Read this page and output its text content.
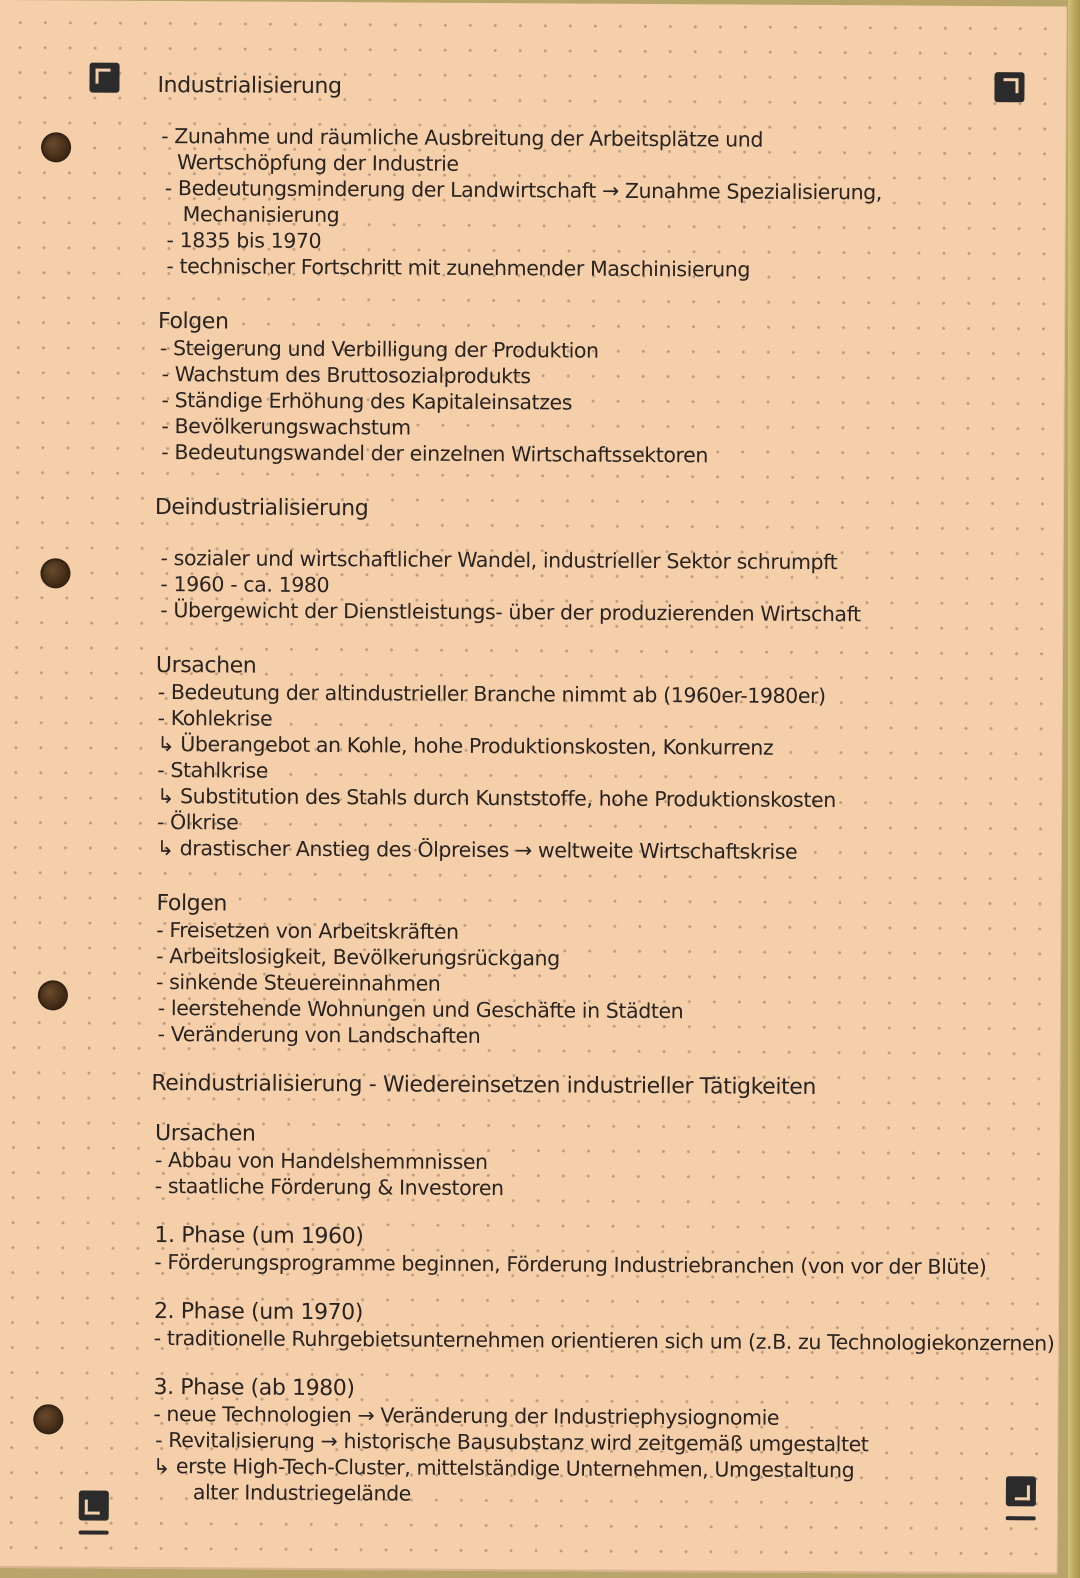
Industrialisierung
- Zunahme und räumliche Ausbreitung der Arbeitsplätze und
Wertschöpfung der Industrie
- Bedeutungsminderung der Landwirtschaft → Zunahme Spezialisierung,
Mechanisierung
- 1835 bis 1970
- technischer Fortschritt mit zunehmender Maschinisierung
Folgen
- Steigerung und Verbilligung der Produktion
- Wachstum des Bruttosozialprodukts
- Ständige Erhöhung des Kapitaleinsatzes
- Bevölkerungswachstum
- Bedeutungswandel der einzelnen Wirtschaftssektoren
Deindustrialisierung
- sozialer und wirtschaftlicher Wandel, industrieller Sektor schrumpft
- 1960 - ca. 1980
- Übergewicht der Dienstleistungs- über der produzierenden Wirtschaft
Ursachen
- Bedeutung der altindustrieller Branche nimmt ab (1960er-1980er)
- Kohlekrise
↳ Überangebot an Kohle, hohe Produktionskosten, Konkurrenz
- Stahlkrise
↳ Substitution des Stahls durch Kunststoffe, hohe Produktionskosten
- Ölkrise
↳ drastischer Anstieg des Ölpreises → weltweite Wirtschaftskrise
Folgen
- Freisetzen von Arbeitskräften
- Arbeitslosigkeit, Bevölkerungsrückgang
- sinkende Steuereinnahmen
- leerstehende Wohnungen und Geschäfte in Städten
- Veränderung von Landschaften
Reindustrialisierung - Wiedereinsetzen industrieller Tätigkeiten
Ursachen
- Abbau von Handelshemmnissen
- staatliche Förderung & Investoren
1. Phase (um 1960)
- Förderungsprogramme beginnen, Förderung Industriebranchen (von vor der Blüte)
2. Phase (um 1970)
- traditionelle Ruhrgebietsunternehmen orientieren sich um (z.B. zu Technologiekonzernen)
3. Phase (ab 1980)
- neue Technologien → Veränderung der Industriephysiognomie
- Revitalisierung → historische Bausubstanz wird zeitgemäß umgestaltet
↳ erste High-Tech-Cluster, mittelständige Unternehmen, Umgestaltung
alter Industriegelände
